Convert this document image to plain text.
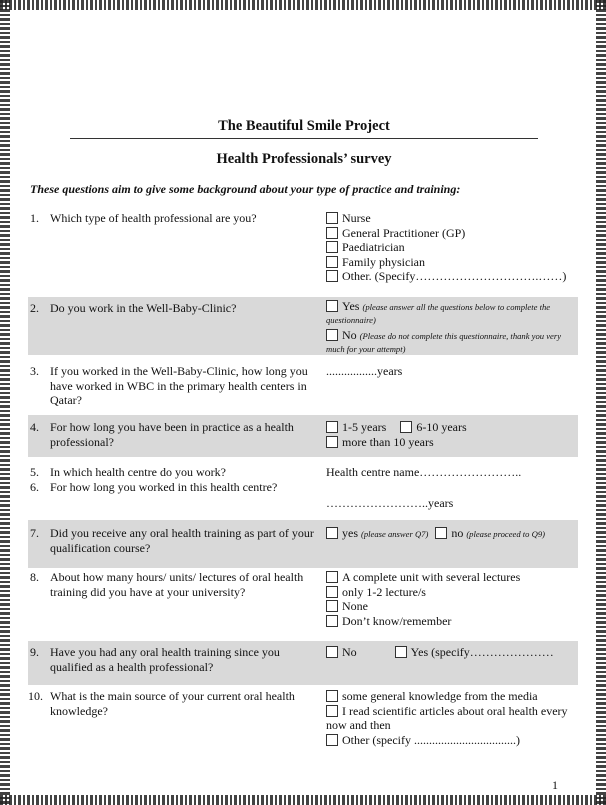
The Beautiful Smile Project
Health Professionals’ survey
These questions aim to give some background about your type of practice and training:
1. Which type of health professional are you?	Nurse
General Practitioner (GP)
Paediatrician
Family physician
Other. (Specify………………………….……)
2. Do you work in the Well-Baby-Clinic?	Yes (please answer all the questions below to complete the questionnaire)
No (Please do not complete this questionnaire, thank you very much for your attempt)
3. If you worked in the Well-Baby-Clinic, how long you have worked in WBC in the primary health centers in Qatar?
.................years
4. For how long you have been in practice as a health professional?
1-5 years	6-10 years
more than 10 years
5. In which health centre do you work?
6. For how long you worked in this health centre?
Health centre name……………………..
……………………..years
7. Did you receive any oral health training as part of your qualification course?
yes (please answer Q7) no (please proceed to Q9)
8. About how many hours/ units/ lectures of oral health training did you have at your university?
A complete unit with several lectures
only 1-2 lecture/s
None
Don’t know/remember
9. Have you had any oral health training since you qualified as a health professional?
No	Yes (specify…………………
10. What is the main source of your current oral health knowledge?
some general knowledge from the media
I read scientific articles about oral health every now and then
Other (specify ..................................)
1
